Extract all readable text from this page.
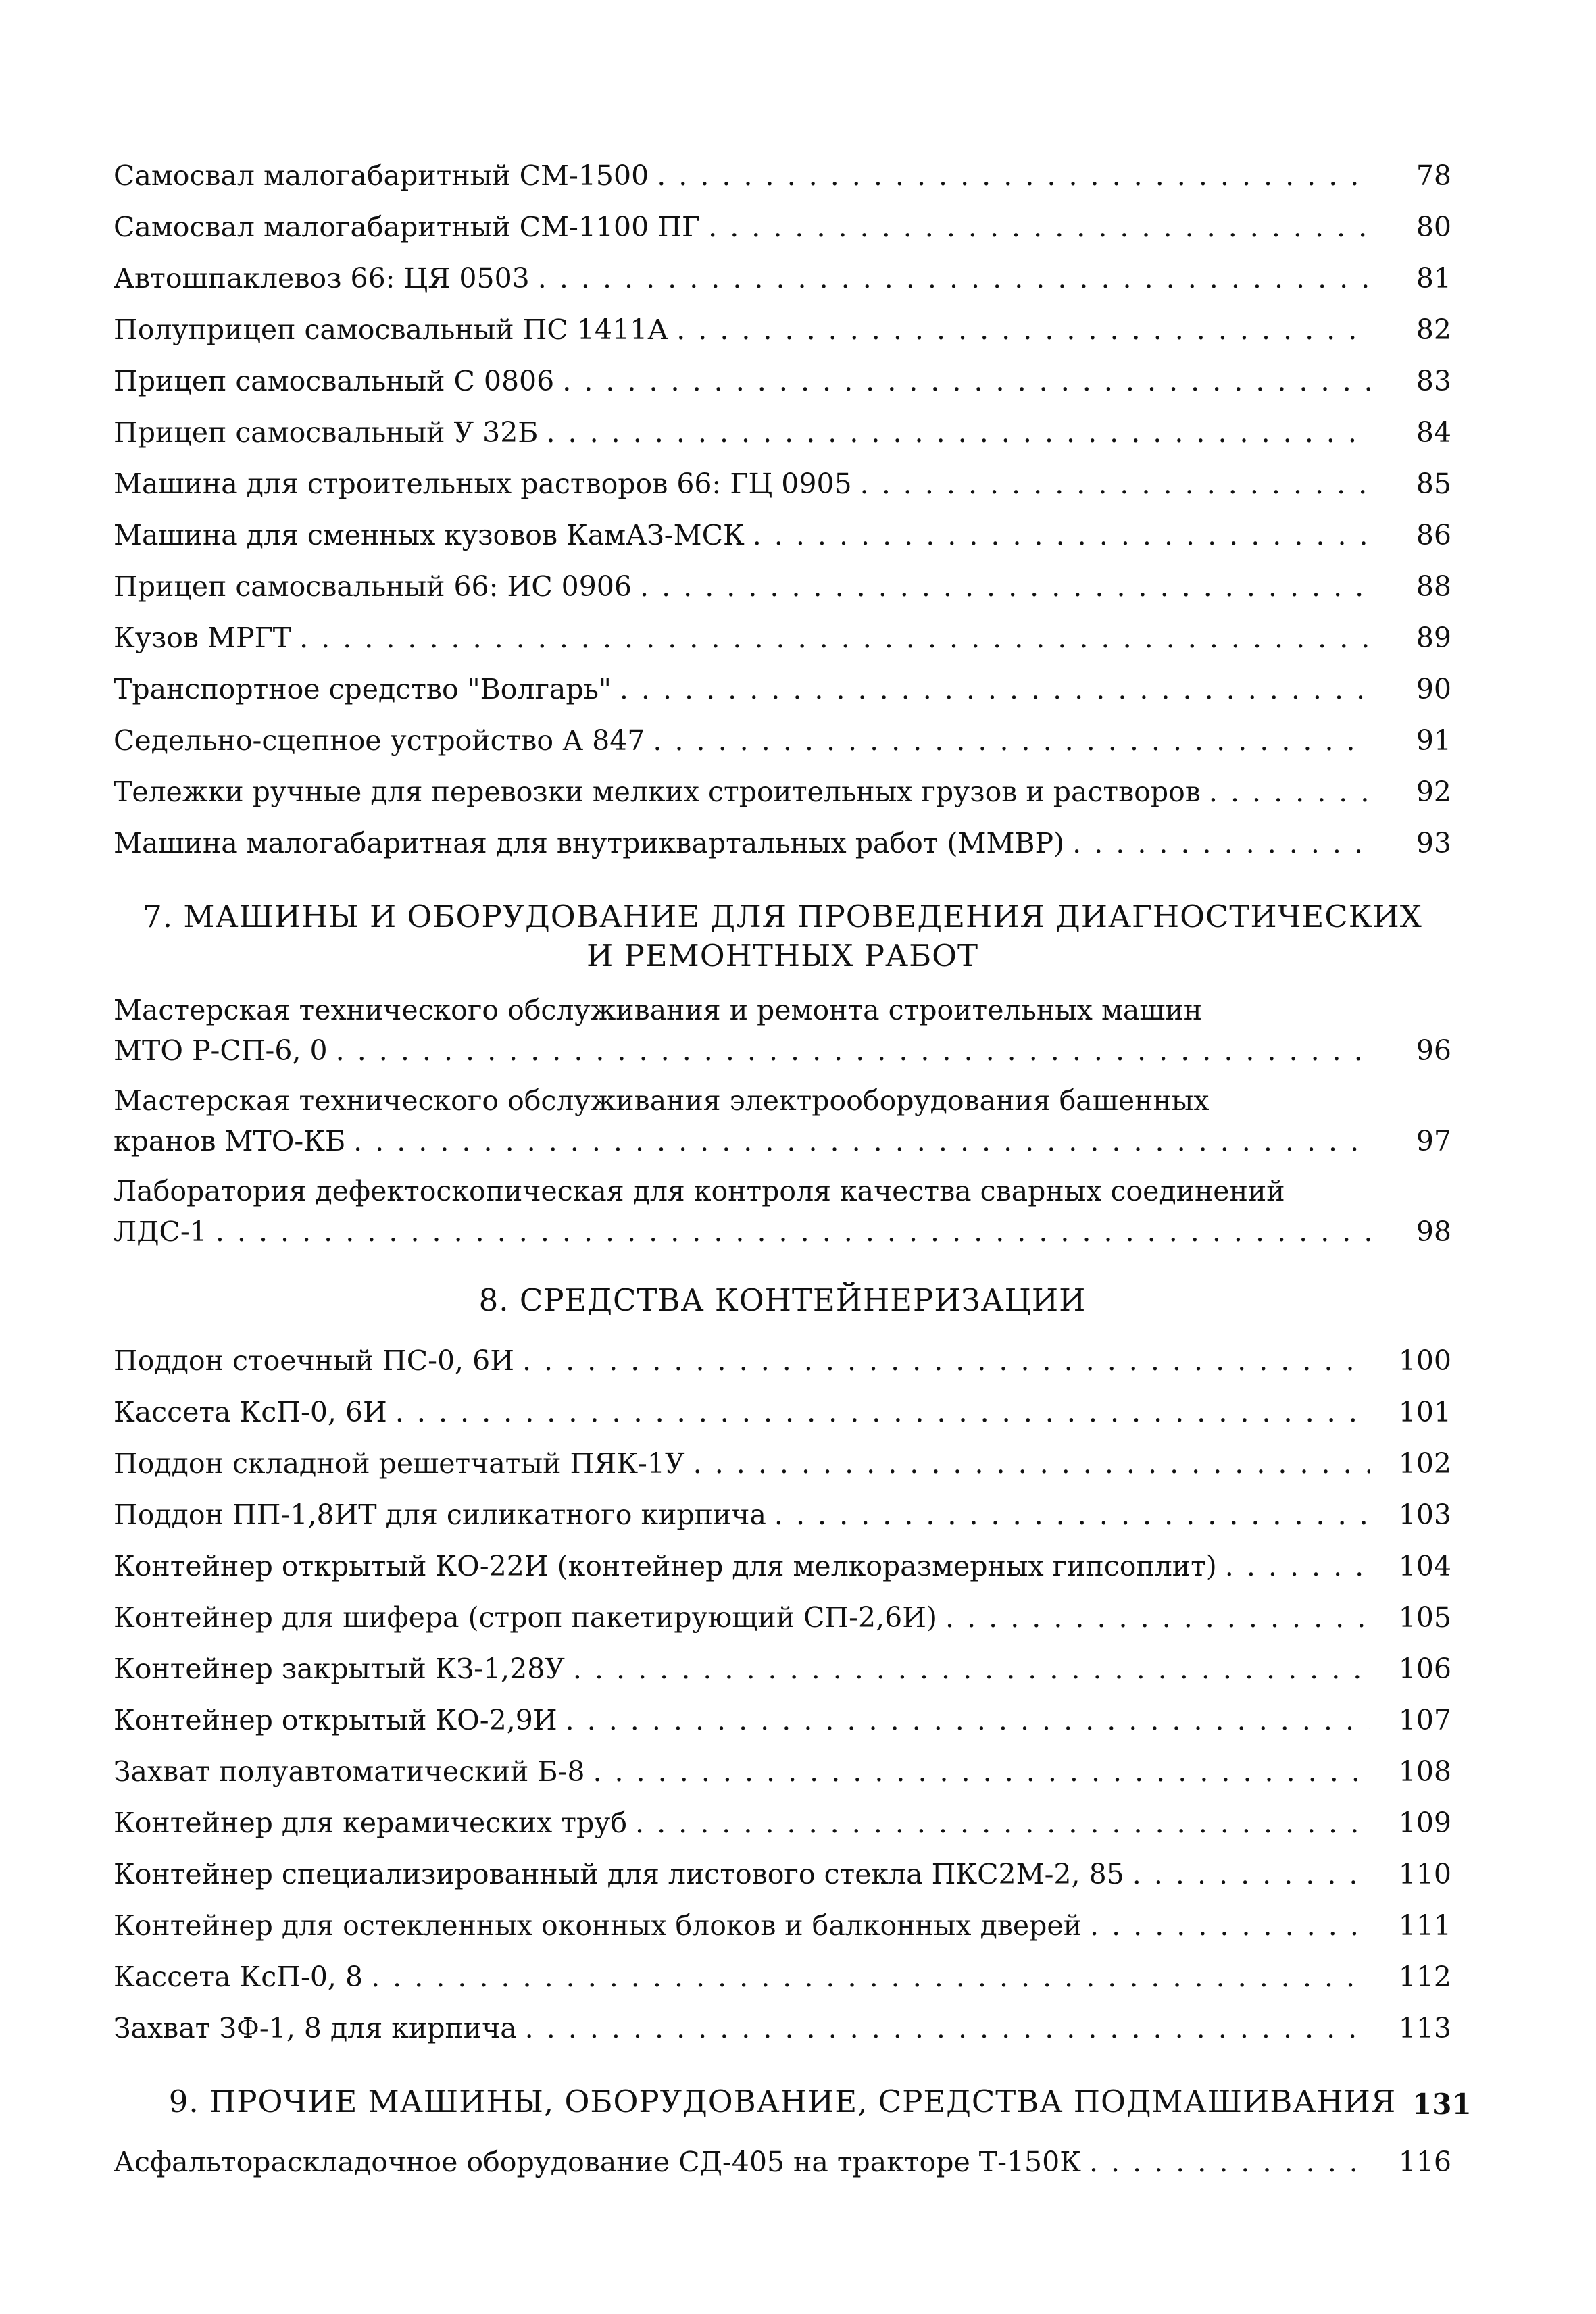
Самосвал малогабаритный СМ-1500 . . .	78
Самосвал малогабаритный СМ-1100 ПГ . . .	80
Автошпаклевоз 66: ЦЯ 0503 . . .	81
Полуприцеп самосвальный ПС 1411А . . .	82
Прицеп самосвальный С 0806 . . .	83
Прицеп самосвальный У 32Б . . .	84
Машина для строительных растворов 66: ГЦ 0905 . . .	85
Машина для сменных кузовов КамАЗ-МСК . . .	86
Прицеп самосвальный 66: ИС 0906 . . .	88
Кузов МРГТ . . .	89
Транспортное средство "Волгарь" . . .	90
Седельно-сцепное устройство А 847 . . .	91
Тележки ручные для перевозки мелких строительных грузов и растворов . . .	92
Машина малогабаритная для внутриквартальных работ (ММВР) . . .	93
7. МАШИНЫ И ОБОРУДОВАНИЕ ДЛЯ ПРОВЕДЕНИЯ ДИАГНОСТИЧЕСКИХ
И РЕМОНТНЫХ РАБОТ
Мастерская технического обслуживания и ремонта строительных машин
МТО Р-СП-6, 0 . . .	96
Мастерская технического обслуживания электрооборудования башенных
кранов МТО-КБ . . .	97
Лаборатория дефектоскопическая для контроля качества сварных соединений
ЛДС-1 . . .	98
8. СРЕДСТВА КОНТЕЙНЕРИЗАЦИИ
Поддон стоечный ПС-0, 6И . . .	100
Кассета КсП-0, 6И . . .	101
Поддон складной решетчатый ПЯК-1У . . .	102
Поддон ПП-1,8ИТ для силикатного кирпича . . .	103
Контейнер открытый КО-22И (контейнер для мелкоразмерных гипсоплит) . . .	104
Контейнер для шифера (строп пакетирующий СП-2,6И) . . .	105
Контейнер закрытый КЗ-1,28У . . .	106
Контейнер открытый КО-2,9И . . .	107
Захват полуавтоматический Б-8 . . .	108
Контейнер для керамических труб . . .	109
Контейнер специализированный для листового стекла ПКС2М-2, 85 . . .	110
Контейнер для остекленных оконных блоков и балконных дверей . . .	111
Кассета КсП-0, 8 . . .	112
Захват ЗФ-1, 8 для кирпича . . .	113
9. ПРОЧИЕ МАШИНЫ, ОБОРУДОВАНИЕ, СРЕДСТВА ПОДМАШИВАНИЯ
Асфальтораскладочное оборудование СД-405 на тракторе Т-150К . . .	116
131
